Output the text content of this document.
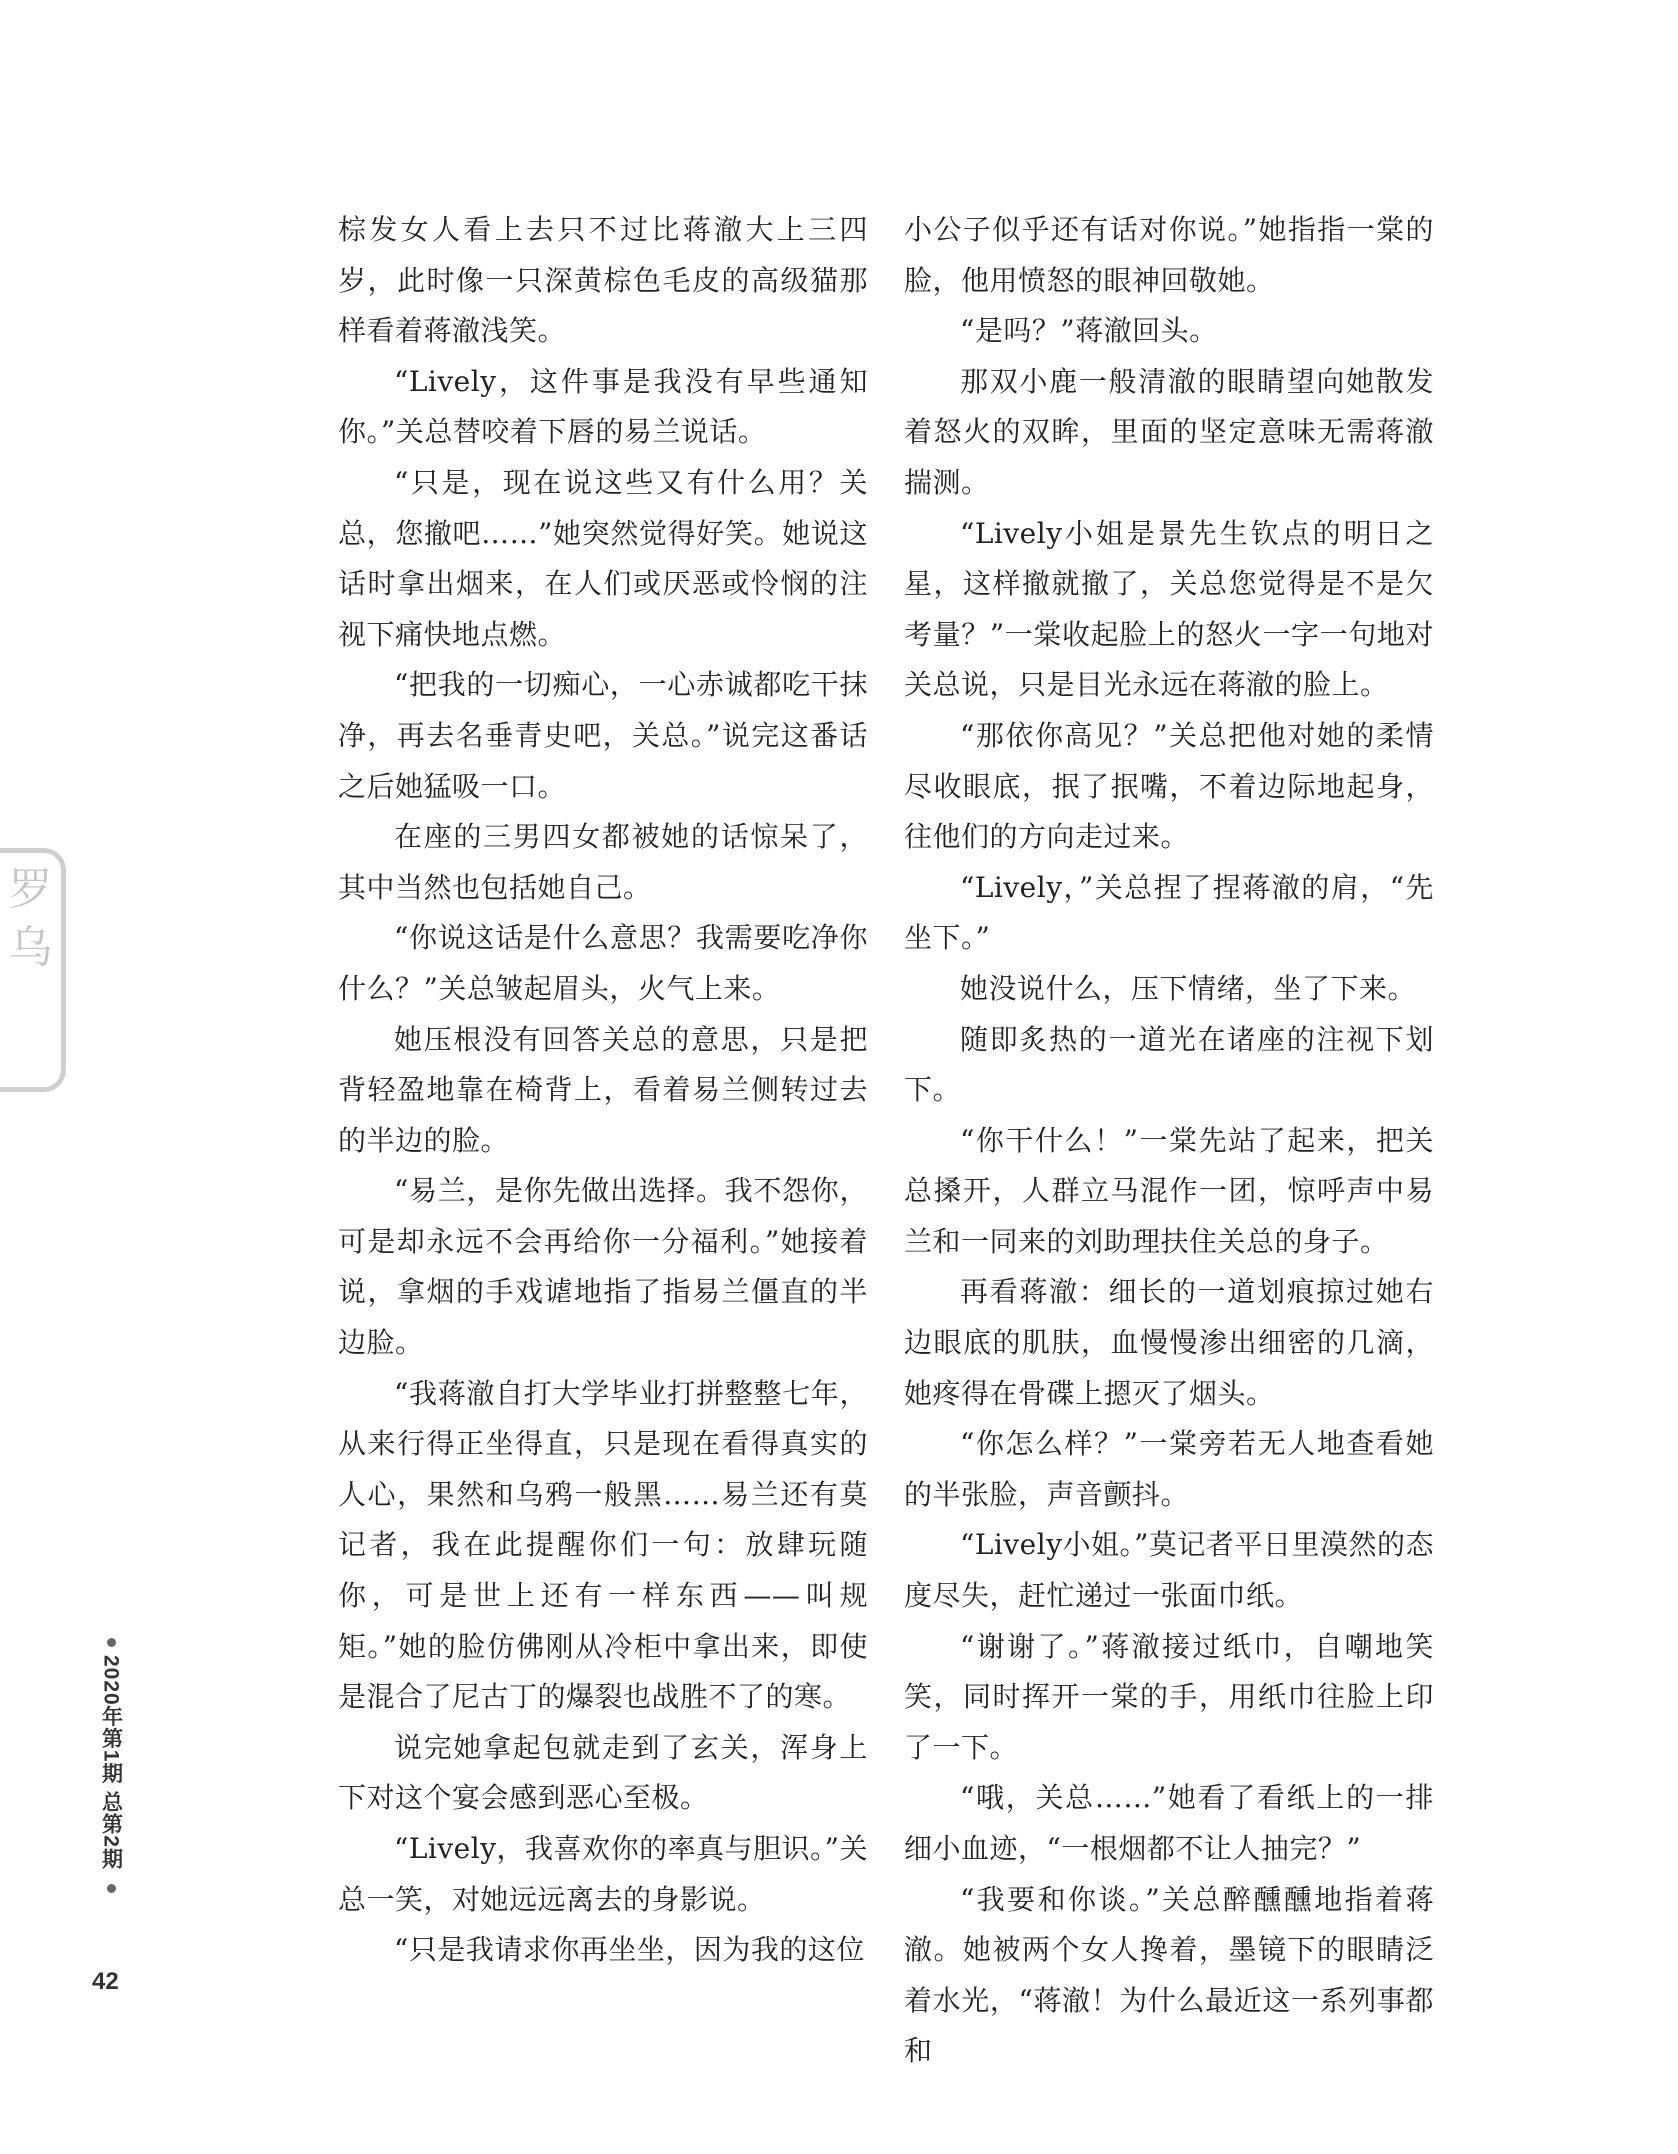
罗
乌

棕发女人看上去只不过比蒋澈大上三四岁，此时像一只深黄棕色毛皮的高级猫那样看着蒋澈浅笑。

“Lively，这件事是我没有早些通知你。”关总替咬着下唇的易兰说话。

“只是，现在说这些又有什么用？关总，您撤吧……”她突然觉得好笑。她说这话时拿出烟来，在人们或厌恶或怜悯的注视下痛快地点燃。

“把我的一切痴心，一心赤诚都吃干抹净，再去名垂青史吧，关总。”说完这番话之后她猛吸一口。

在座的三男四女都被她的话惊呆了，其中当然也包括她自己。

“你说这话是什么意思？我需要吃净你什么？”关总皱起眉头，火气上来。

她压根没有回答关总的意思，只是把背轻盈地靠在椅背上，看着易兰侧转过去的半边的脸。

“易兰，是你先做出选择。我不怨你，可是却永远不会再给你一分福利。”她接着说，拿烟的手戏谑地指了指易兰僵直的半边脸。

“我蒋澈自打大学毕业打拼整整七年，从来行得正坐得直，只是现在看得真实的人心，果然和乌鸦一般黑……易兰还有莫记者，我在此提醒你们一句：放肆玩随你，可是世上还有一样东西——叫规矩。”她的脸仿佛刚从冷柜中拿出来，即使是混合了尼古丁的爆裂也战胜不了的寒。

说完她拿起包就走到了玄关，浑身上下对这个宴会感到恶心至极。

“Lively，我喜欢你的率真与胆识。”关总一笑，对她远远离去的身影说。

“只是我请求你再坐坐，因为我的这位

小公子似乎还有话对你说。”她指指一棠的脸，他用愤怒的眼神回敬她。

“是吗？”蒋澈回头。

那双小鹿一般清澈的眼睛望向她散发着怒火的双眸，里面的坚定意味无需蒋澈揣测。

“Lively小姐是景先生钦点的明日之星，这样撤就撤了，关总您觉得是不是欠考量？”一棠收起脸上的怒火一字一句地对关总说，只是目光永远在蒋澈的脸上。

“那依你高见？”关总把他对她的柔情尽收眼底，抿了抿嘴，不着边际地起身，往他们的方向走过来。

“Lively，”关总捏了捏蒋澈的肩，“先坐下。”

她没说什么，压下情绪，坐了下来。

随即炙热的一道光在诸座的注视下划下。

“你干什么！”一棠先站了起来，把关总搡开，人群立马混作一团，惊呼声中易兰和一同来的刘助理扶住关总的身子。

再看蒋澈：细长的一道划痕掠过她右边眼底的肌肤，血慢慢渗出细密的几滴，她疼得在骨碟上摁灭了烟头。

“你怎么样？”一棠旁若无人地查看她的半张脸，声音颤抖。

“Lively小姐。”莫记者平日里漠然的态度尽失，赶忙递过一张面巾纸。

“谢谢了。”蒋澈接过纸巾，自嘲地笑笑，同时挥开一棠的手，用纸巾往脸上印了一下。

“哦，关总……”她看了看纸上的一排细小血迹，“一根烟都不让人抽完？”

“我要和你谈。”关总醉醺醺地指着蒋澈。她被两个女人搀着，墨镜下的眼睛泛着水光，“蒋澈！为什么最近这一系列事都和

2020年第1期 总第2期
42
